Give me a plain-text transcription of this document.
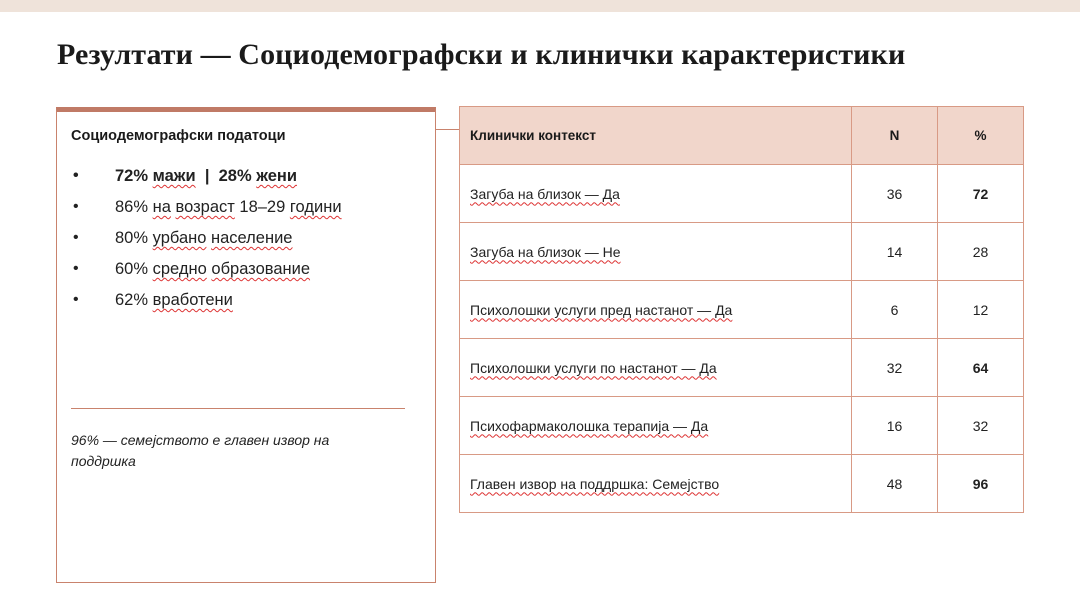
Резултати — Социодемографски и клинички карактеристики
Социодемографски податоци
• 72% мажи | 28% жени
• 86% на возраст 18–29 години
• 80% урбано население
• 60% средно образование
• 62% вработени
96% — семејството е главен извор на поддршка
Клинички контекст	N	%
Загуба на близок — Да	36	72
Загуба на близок — Не	14	28
Психолошки услуги пред настанот — Да	6	12
Психолошки услуги по настанот — Да	32	64
Психофармаколошка терапија — Да	16	32
Главен извор на поддршка: Семејство	48	96
